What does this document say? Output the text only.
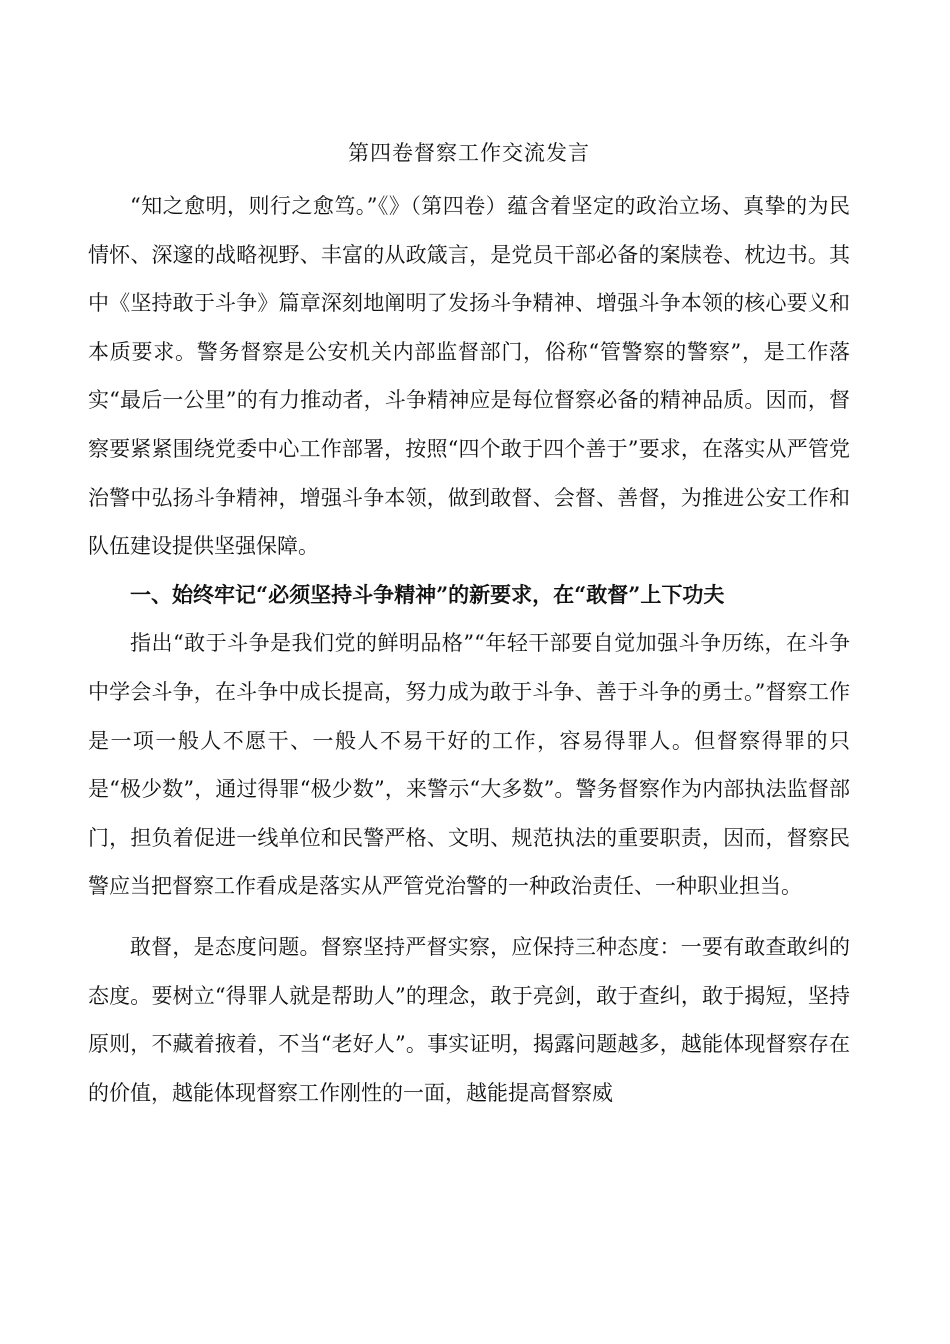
第四卷督察工作交流发言

“知之愈明，则行之愈笃。”《》（第四卷）蕴含着坚定的政治立场、真挚的为民情怀、深邃的战略视野、丰富的从政箴言，是党员干部必备的案牍卷、枕边书。其中《坚持敢于斗争》篇章深刻地阐明了发扬斗争精神、增强斗争本领的核心要义和本质要求。警务督察是公安机关内部监督部门，俗称“管警察的警察”，是工作落实“最后一公里”的有力推动者，斗争精神应是每位督察必备的精神品质。因而，督察要紧紧围绕党委中心工作部署，按照“四个敢于四个善于”要求，在落实从严管党治警中弘扬斗争精神，增强斗争本领，做到敢督、会督、善督，为推进公安工作和队伍建设提供坚强保障。

一、始终牢记“必须坚持斗争精神”的新要求，在“敢督”上下功夫

指出“敢于斗争是我们党的鲜明品格”“年轻干部要自觉加强斗争历练，在斗争中学会斗争，在斗争中成长提高，努力成为敢于斗争、善于斗争的勇士。”督察工作是一项一般人不愿干、一般人不易干好的工作，容易得罪人。但督察得罪的只是“极少数”，通过得罪“极少数”，来警示“大多数”。警务督察作为内部执法监督部门，担负着促进一线单位和民警严格、文明、规范执法的重要职责，因而，督察民警应当把督察工作看成是落实从严管党治警的一种政治责任、一种职业担当。

敢督，是态度问题。督察坚持严督实察，应保持三种态度：一要有敢查敢纠的态度。要树立“得罪人就是帮助人”的理念，敢于亮剑，敢于查纠，敢于揭短，坚持原则，不藏着掖着，不当“老好人”。事实证明，揭露问题越多，越能体现督察存在的价值，越能体现督察工作刚性的一面，越能提高督察威
